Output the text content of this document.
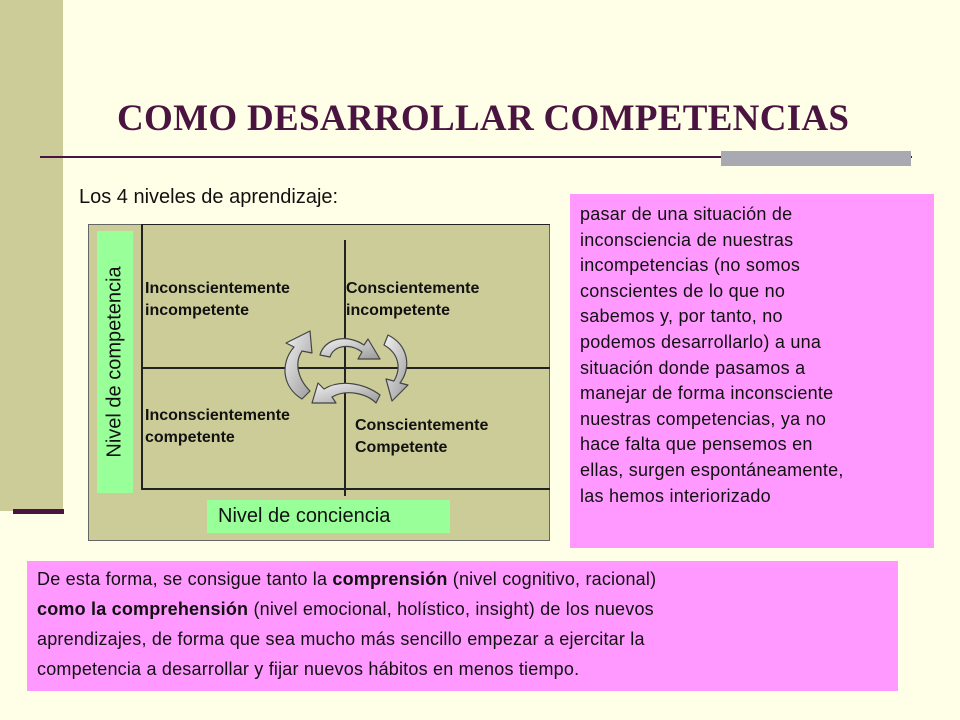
COMO DESARROLLAR COMPETENCIAS
Los 4 niveles de aprendizaje:
Inconscientemente
incompetente
Conscientemente
incompetente
Inconscientemente
competente
Conscientemente
Competente
Nivel de competencia
Nivel de conciencia
pasar de una situación de
inconsciencia de nuestras
incompetencias (no somos
conscientes de lo que no
sabemos y, por tanto, no
podemos desarrollarlo) a una
situación donde pasamos a
manejar de forma inconsciente
nuestras competencias, ya no
hace falta que pensemos en
ellas, surgen espontáneamente,
las hemos interiorizado
De esta forma, se consigue tanto la comprensión (nivel cognitivo, racional)
como la comprehensión (nivel emocional, holístico, insight) de los nuevos
aprendizajes, de forma que sea mucho más sencillo empezar a ejercitar la
competencia a desarrollar y fijar nuevos hábitos en menos tiempo.
